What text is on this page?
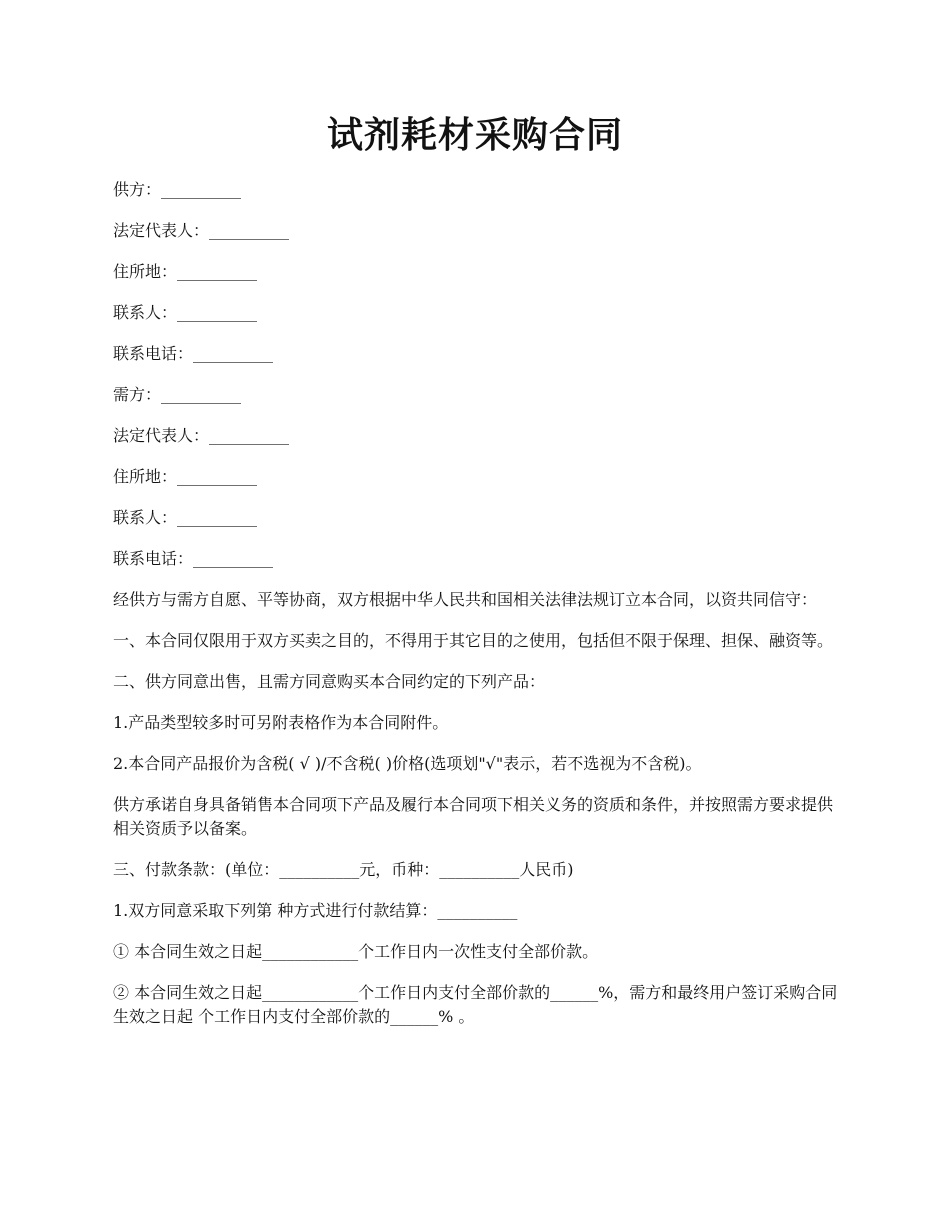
试剂耗材采购合同

供方：__________

法定代表人：__________

住所地：__________

联系人：__________

联系电话：__________

需方：__________

法定代表人：__________

住所地：__________

联系人：__________

联系电话：__________

经供方与需方自愿、平等协商，双方根据中华人民共和国相关法律法规订立本合同，以资共同信守：

一、本合同仅限用于双方买卖之目的，不得用于其它目的之使用，包括但不限于保理、担保、融资等。

二、供方同意出售，且需方同意购买本合同约定的下列产品：

1.产品类型较多时可另附表格作为本合同附件。

2.本合同产品报价为含税( √ )/不含税( )价格(选项划"√"表示，若不选视为不含税)。

供方承诺自身具备销售本合同项下产品及履行本合同项下相关义务的资质和条件，并按照需方要求提供相关资质予以备案。

三、付款条款：(单位：__________元，币种：__________人民币)

1.双方同意采取下列第 种方式进行付款结算：__________

① 本合同生效之日起____________个工作日内一次性支付全部价款。

② 本合同生效之日起____________个工作日内支付全部价款的______%，需方和最终用户签订采购合同生效之日起 个工作日内支付全部价款的______% 。
